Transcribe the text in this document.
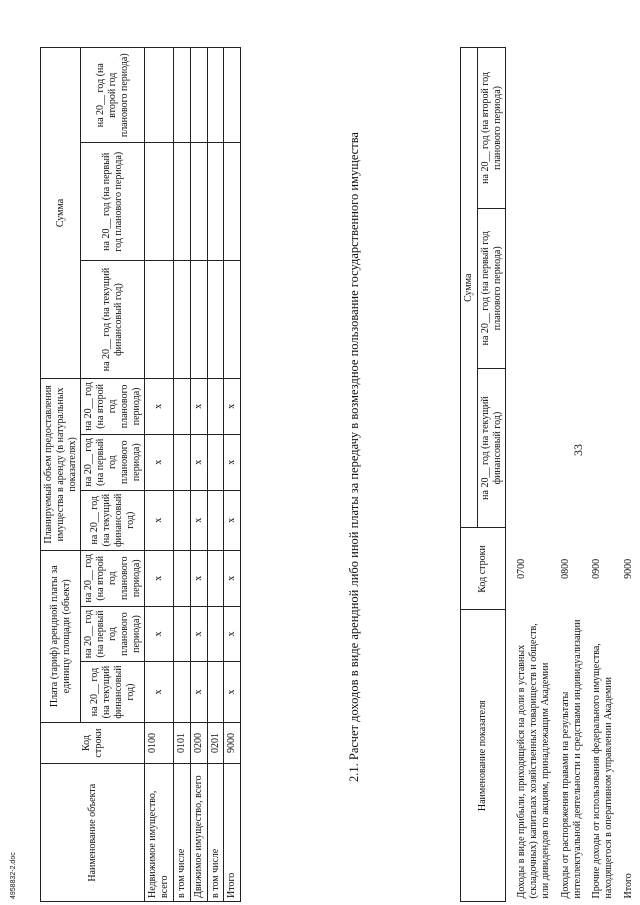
4958832-2.doc
33
Наименование показателя	Код строки	Сумма		
		на 20__ год (на текущий финансовый год)	на 20__ год (на первый год планового периода)	на 20__ год (на второй год планового периода)
Доходы в виде прибыли, приходящейся на доли в уставных (складочных) капиталах хозяйственных товариществ и обществ, или дивидендов по акциям, принадлежащим Академии	0700			
Доходы от распоряжения правами на результаты интеллектуальной деятельности и средствами индивидуализации	0800			
Прочие доходы от использования федерального имущества, находящегося в оперативном управлении Академии	0900			
Итого	9000			
2.1. Расчет доходов в виде арендной либо иной платы за передачу в возмездное пользование государственного имущества
Наименование объекта	Код строки	Плата (тариф) арендной платы за единицу площади (объект)			Планируемый объем предоставления имущества в аренду (в натуральных показателях)			Сумма		
		на 20__ год (на текущий финансовый год)	на 20__ год (на первый год планового периода)	на 20__ год (на второй год планового периода)	на 20__ год (на текущий финансовый год)	на 20__ год (на первый год планового периода)	на 20__ год (на второй год планового периода)	на 20__ год (на текущий финансовый год)	на 20__ год (на первый год планового периода)	на 20__ год (на второй год планового периода)
Недвижимое имущество, всего	0100	х	х	х	х	х	х			
в том числе	0101									
Движимое имущество, всего	0200	х	х	х	х	х	х			
в том числе	0201									
Итого	9000	х	х	х	х	х	х			
